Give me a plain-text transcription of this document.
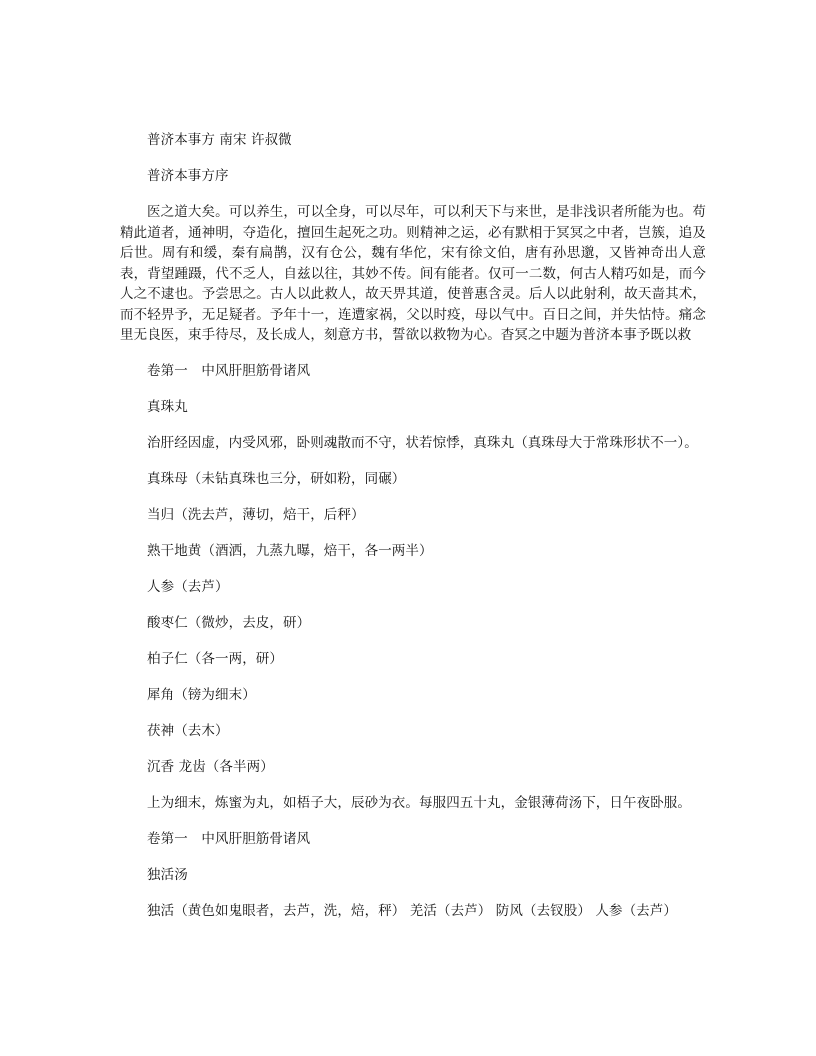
普济本事方 南宋 许叔微

普济本事方序

医之道大矣。可以养生，可以全身，可以尽年，可以利天下与来世，是非浅识者所能为也。苟精此道者，通神明，夺造化，擅回生起死之功。则精神之运，必有默相于冥冥之中者，岂簇，追及后世。周有和缓，秦有扁鹊，汉有仓公，魏有华佗，宋有徐文伯，唐有孙思邈，又皆神奇出人意表，背望踵蹑，代不乏人，自兹以往，其妙不传。间有能者。仅可一二数，何古人精巧如是，而今人之不逮也。予尝思之。古人以此救人，故天畀其道，使普惠含灵。后人以此射利，故天啬其术，而不轻畀予，无足疑者。予年十一，连遭家祸，父以时疫，母以气中。百日之间，并失怙恃。痛念里无良医，束手待尽，及长成人，刻意方书，誓欲以救物为心。杳冥之中题为普济本事予既以救

卷第一　中风肝胆筋骨诸风

真珠丸

治肝经因虚，内受风邪，卧则魂散而不守，状若惊悸，真珠丸（真珠母大于常珠形状不一）。

真珠母（未钻真珠也三分，研如粉，同碾）

当归（洗去芦，薄切，焙干，后秤）

熟干地黄（酒洒，九蒸九曝，焙干，各一两半）

人参（去芦）

酸枣仁（微炒，去皮，研）

柏子仁（各一两，研）

犀角（镑为细末）

茯神（去木）

沉香 龙齿（各半两）

上为细末，炼蜜为丸，如梧子大，辰砂为衣。每服四五十丸，金银薄荷汤下，日午夜卧服。

卷第一　中风肝胆筋骨诸风

独活汤

独活（黄色如鬼眼者，去芦，洗，焙，秤） 羌活（去芦） 防风（去钗股） 人参（去芦）
